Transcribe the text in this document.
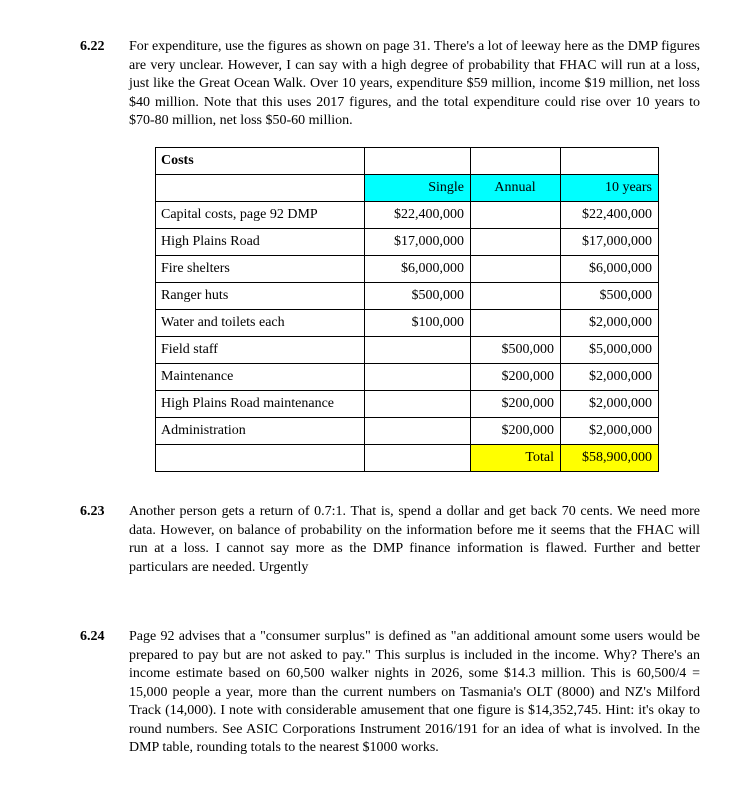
6.22 For expenditure, use the figures as shown on page 31. There's a lot of leeway here as the DMP figures are very unclear. However, I can say with a high degree of probability that FHAC will run at a loss, just like the Great Ocean Walk. Over 10 years, expenditure $59 million, income $19 million, net loss $40 million. Note that this uses 2017 figures, and the total expenditure could rise over 10 years to $70-80 million, net loss $50-60 million.
Costs			
	Single	Annual	10 years
Capital costs, page 92 DMP	$22,400,000		$22,400,000
High Plains Road	$17,000,000		$17,000,000
Fire shelters	$6,000,000		$6,000,000
Ranger huts	$500,000		$500,000
Water and toilets each	$100,000		$2,000,000
Field staff		$500,000	$5,000,000
Maintenance		$200,000	$2,000,000
High Plains Road maintenance		$200,000	$2,000,000
Administration		$200,000	$2,000,000
		Total	$58,900,000
6.23 Another person gets a return of 0.7:1. That is, spend a dollar and get back 70 cents. We need more data. However, on balance of probability on the information before me it seems that the FHAC will run at a loss. I cannot say more as the DMP finance information is flawed. Further and better particulars are needed. Urgently
6.24 Page 92 advises that a "consumer surplus" is defined as "an additional amount some users would be prepared to pay but are not asked to pay." This surplus is included in the income. Why? There's an income estimate based on 60,500 walker nights in 2026, some $14.3 million. This is 60,500/4 = 15,000 people a year, more than the current numbers on Tasmania's OLT (8000) and NZ's Milford Track (14,000). I note with considerable amusement that one figure is $14,352,745. Hint: it's okay to round numbers. See ASIC Corporations Instrument 2016/191 for an idea of what is involved. In the DMP table, rounding totals to the nearest $1000 works.
